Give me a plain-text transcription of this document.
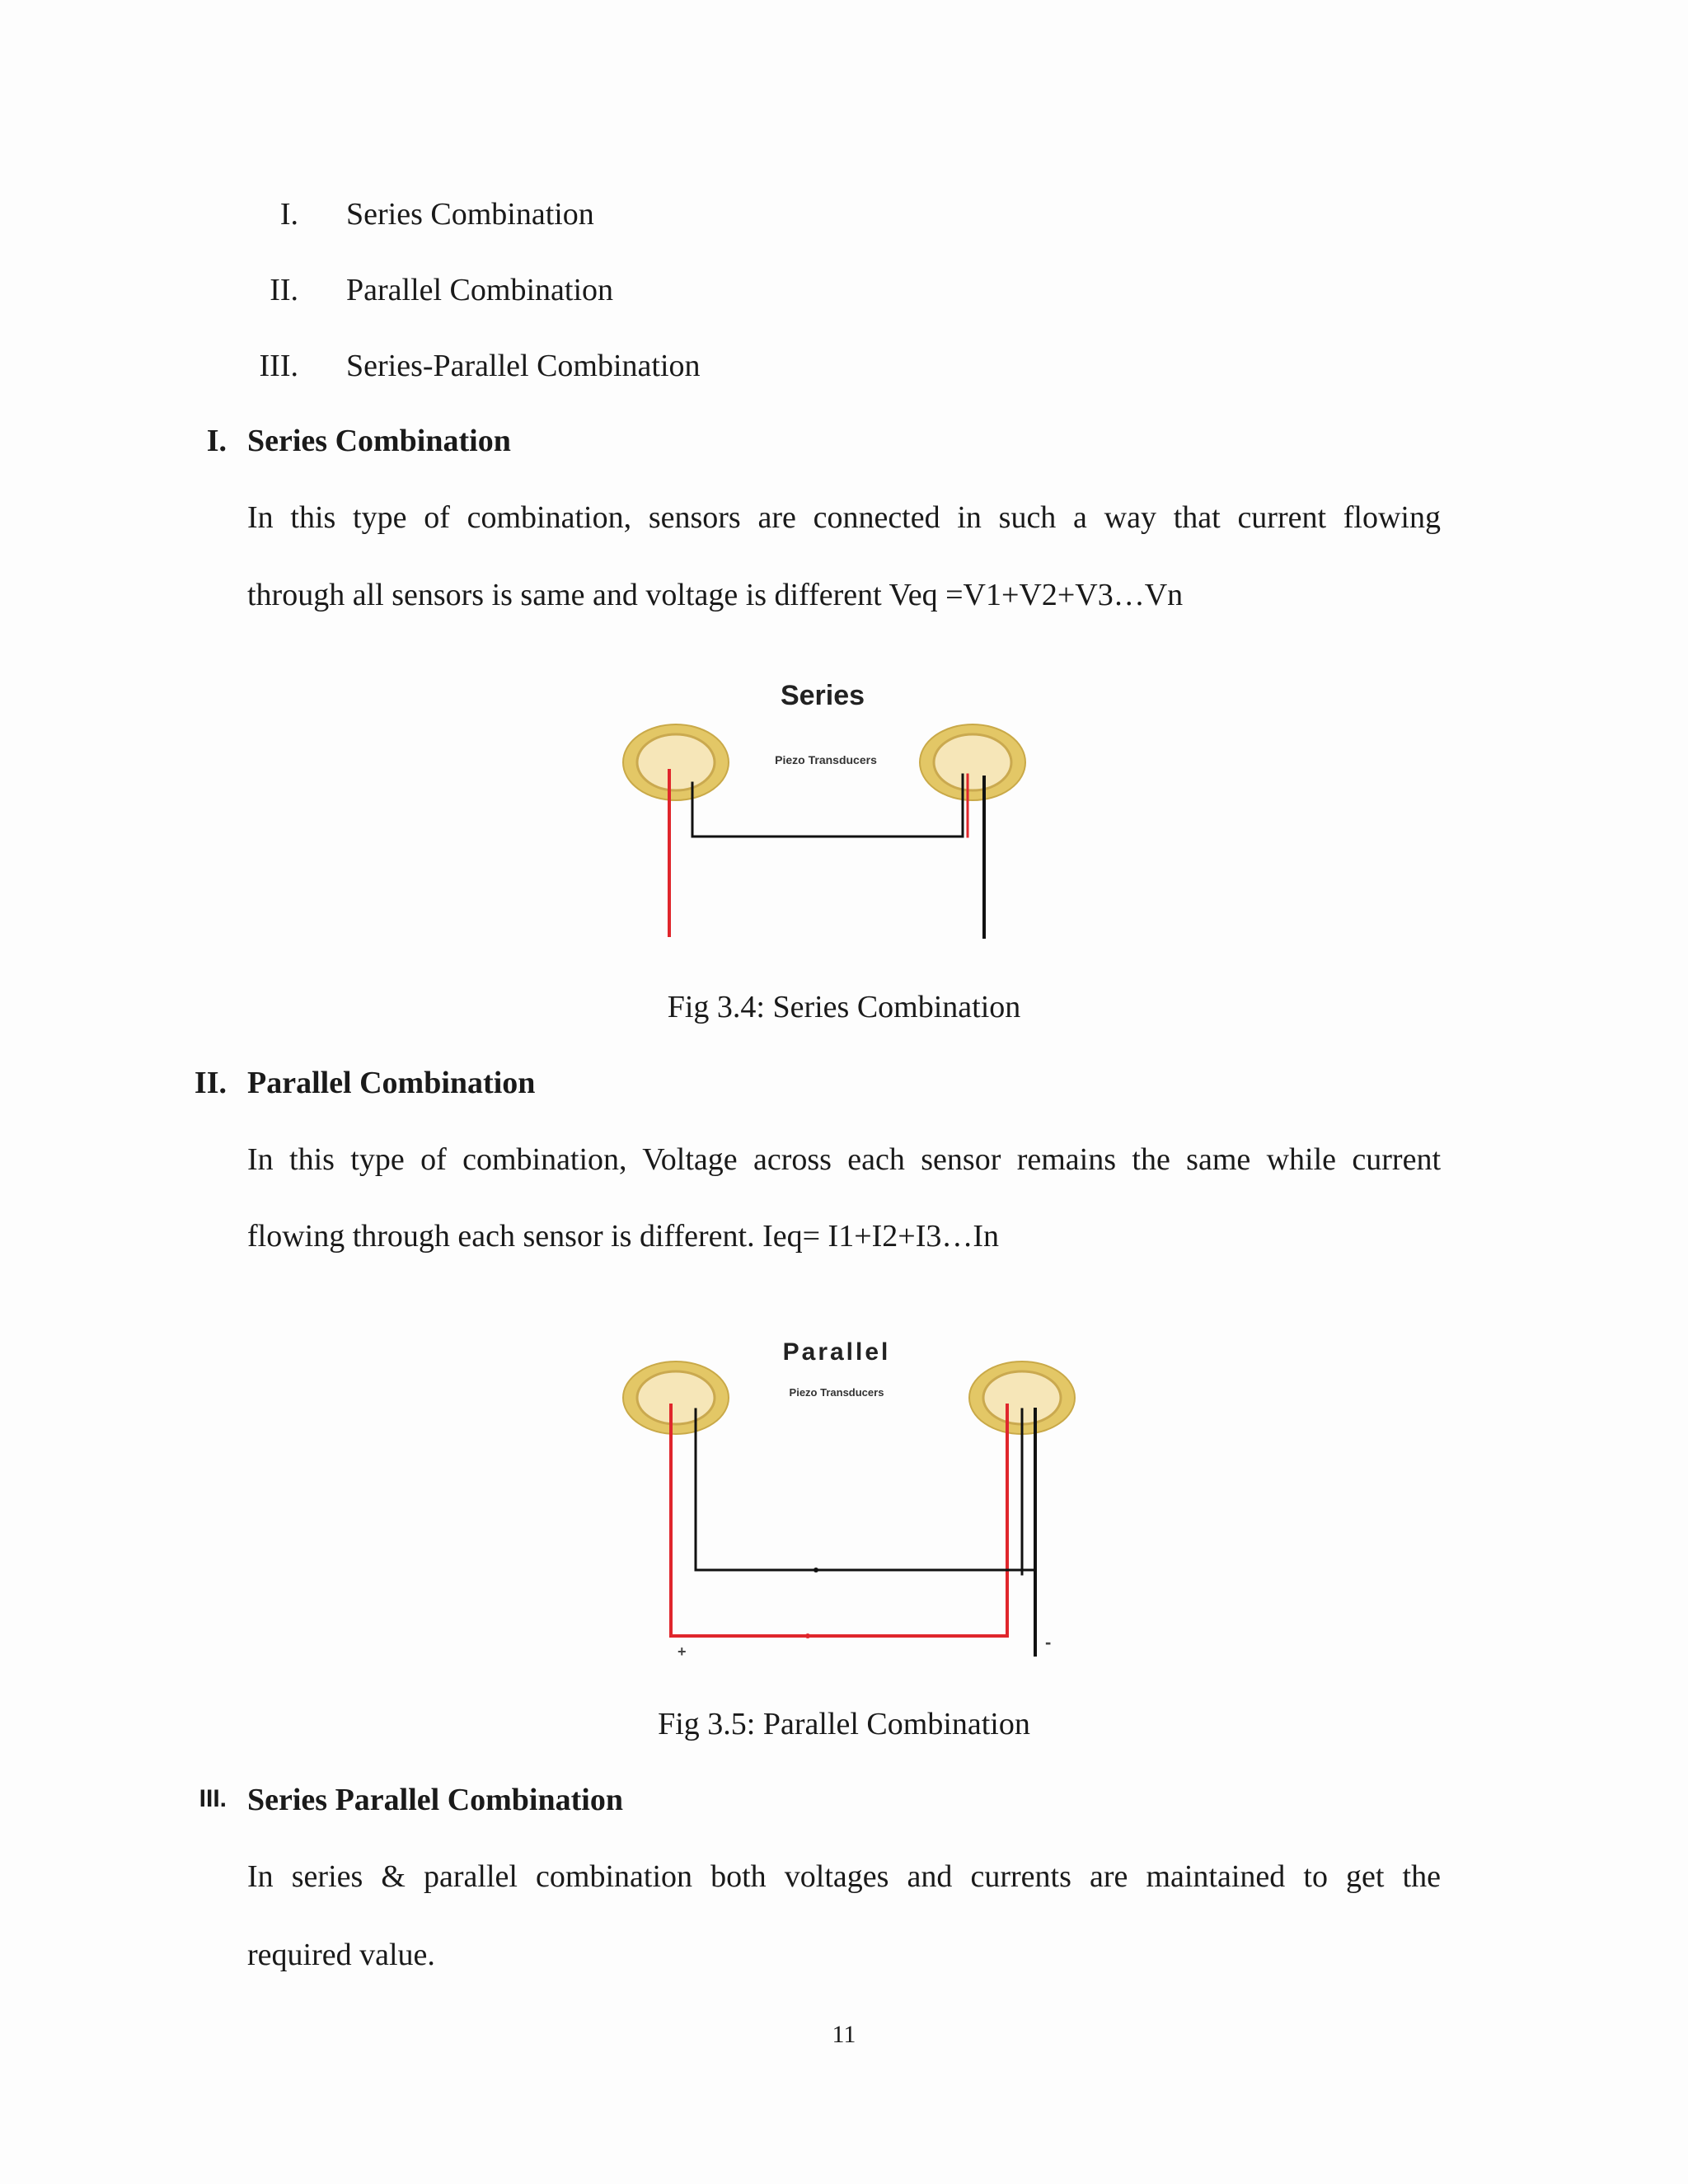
I. Series Combination
II. Parallel Combination
III. Series-Parallel Combination
I. Series Combination
In this type of combination, sensors are connected in such a way that current flowing
through all sensors is same and voltage is different Veq =V1+V2+V3…Vn
Series
Piezo Transducers
Fig 3.4: Series Combination
II. Parallel Combination
In this type of combination, Voltage across each sensor remains the same while current
flowing through each sensor is different. Ieq= I1+I2+I3…In
Parallel
Piezo Transducers
+	-
Fig 3.5: Parallel Combination
III. Series Parallel Combination
In series & parallel combination both voltages and currents are maintained to get the
required value.
11
